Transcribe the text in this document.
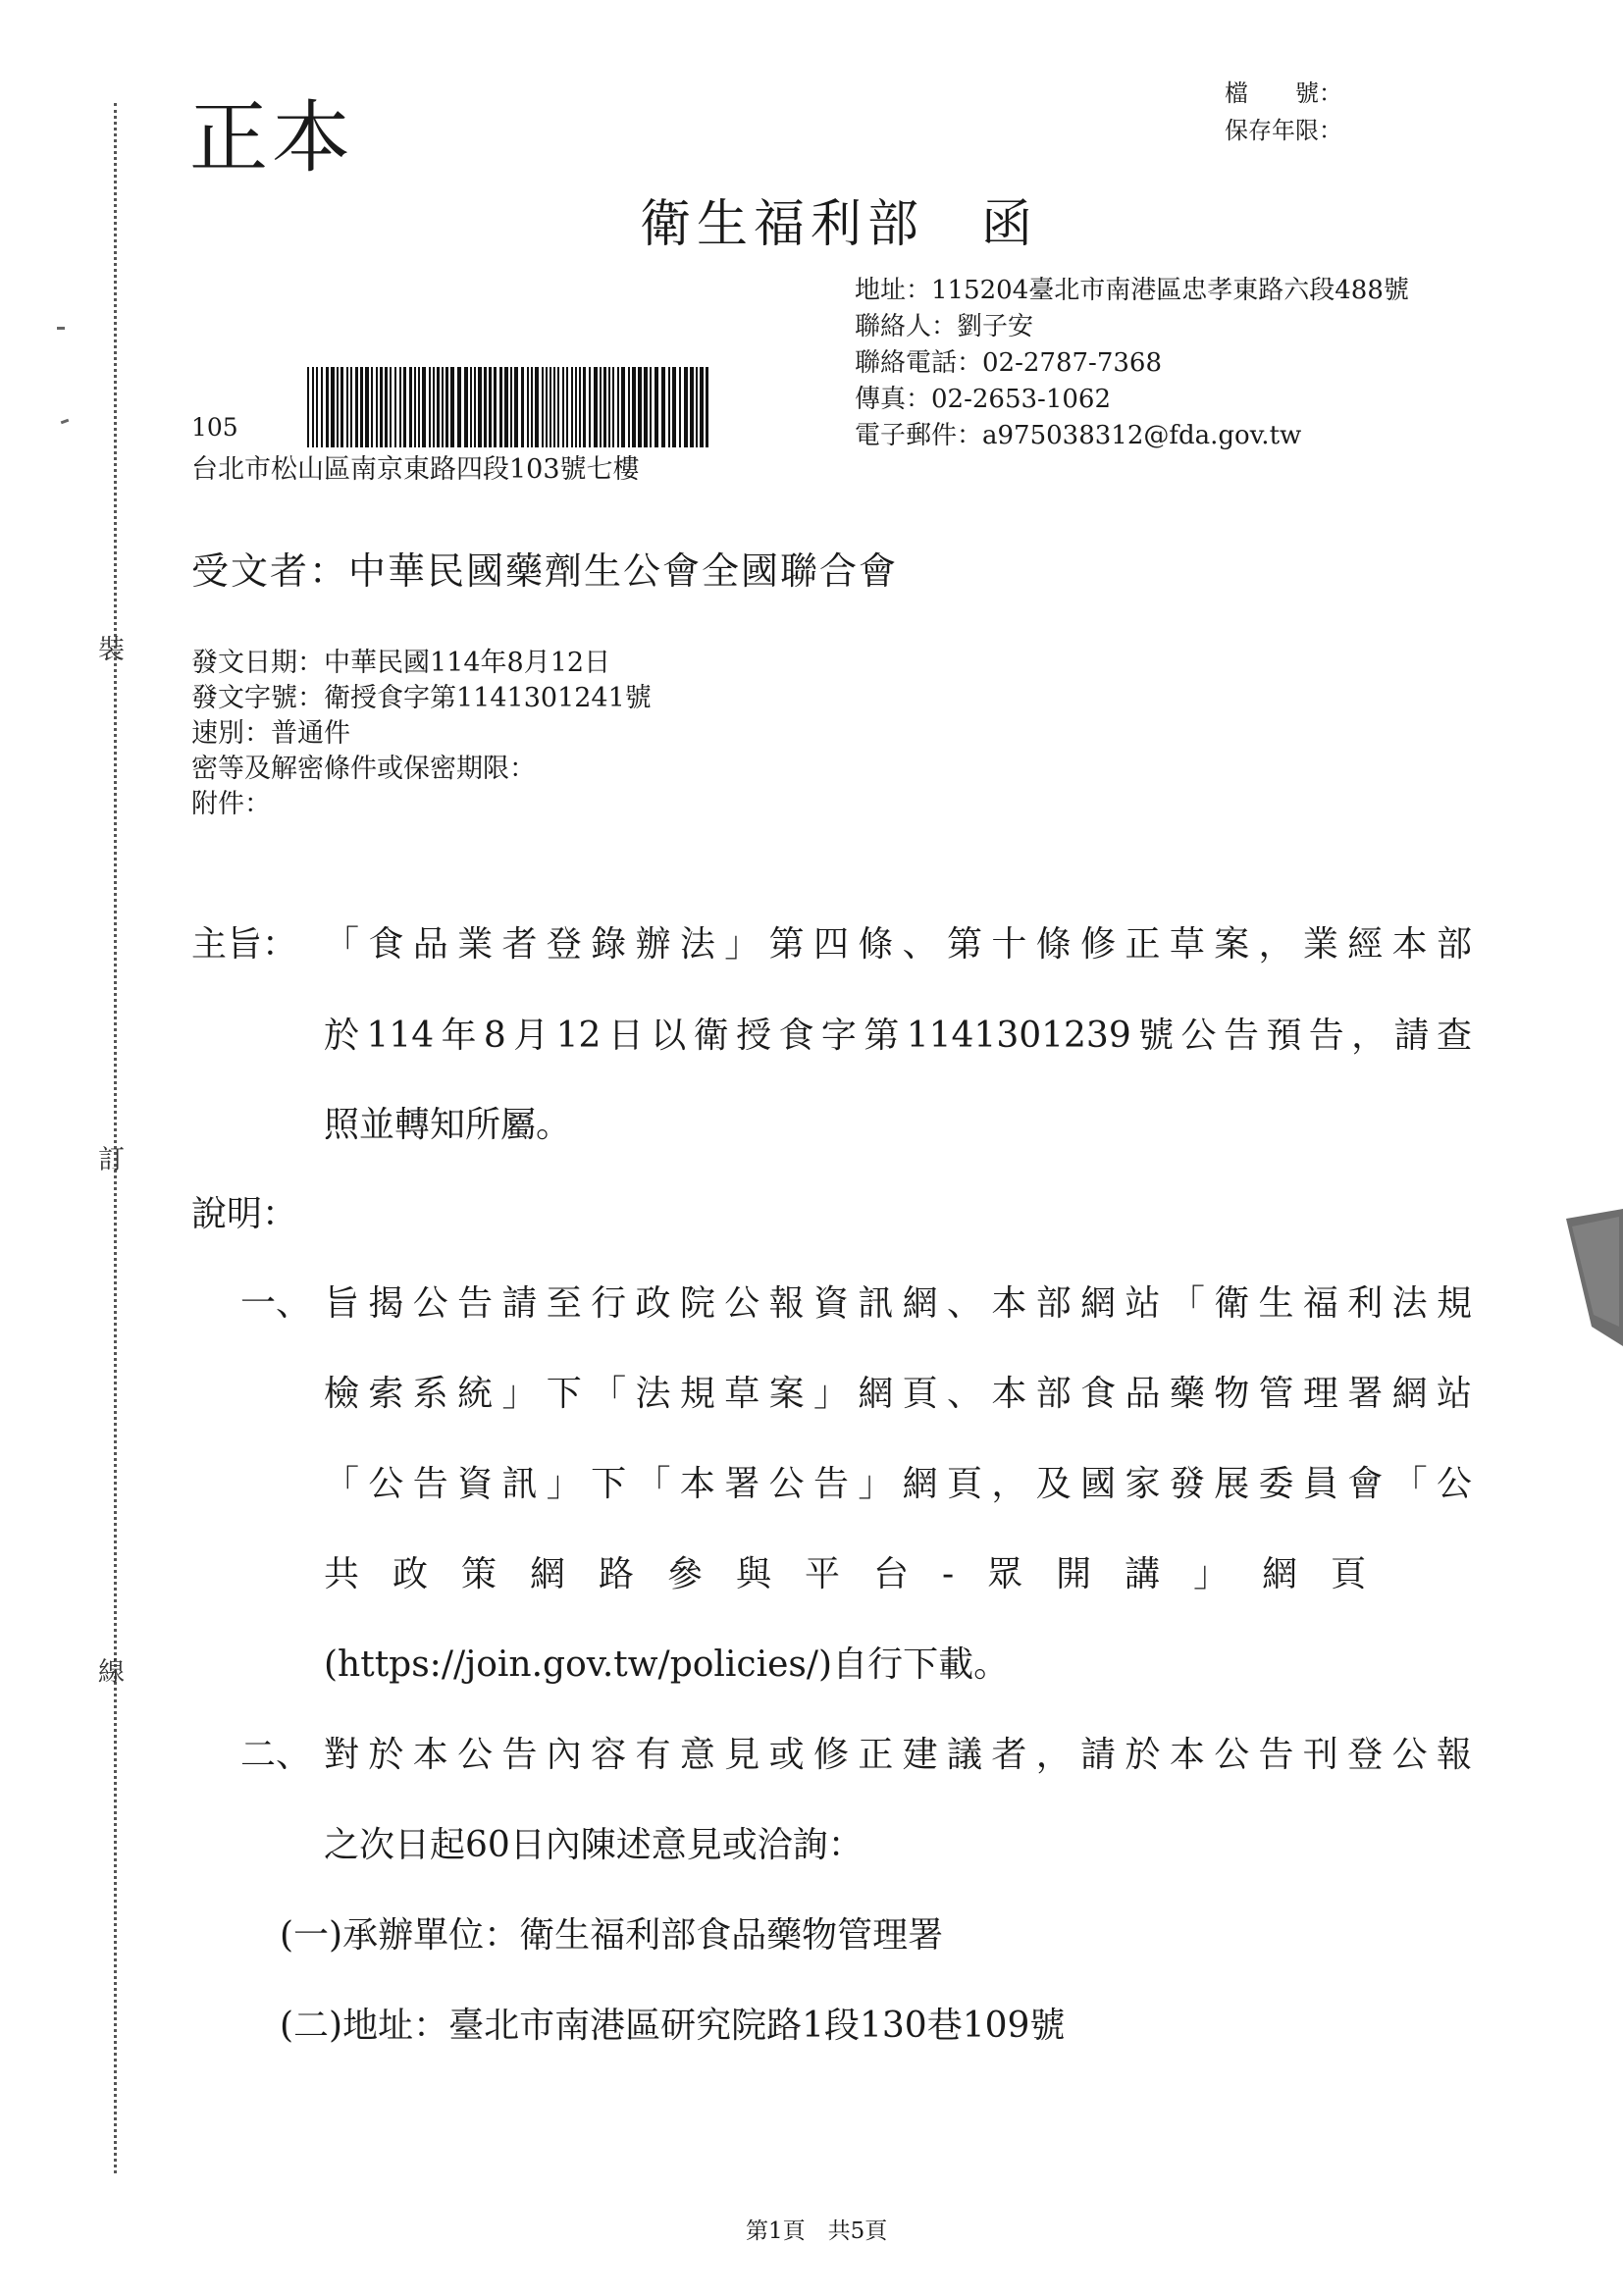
裝
訂
線
正本	檔　　號：
保存年限：
衛生福利部　函
地址：115204臺北市南港區忠孝東路六段488號
聯絡人：劉子安
聯絡電話：02-2787-7368
傳真：02-2653-1062
電子郵件：a975038312@fda.gov.tw
105
台北市松山區南京東路四段103號七樓
受文者：中華民國藥劑生公會全國聯合會
發文日期：中華民國114年8月12日
發文字號：衛授食字第1141301241號
速別：普通件
密等及解密條件或保密期限：
附件：
主旨： 「食品業者登錄辦法」第四條、第十條修正草案，業經本部
於114年8月12日以衛授食字第1141301239號公告預告，請查
照並轉知所屬。
說明：
一、 旨揭公告請至行政院公報資訊網、本部網站「衛生福利法規
檢索系統」下「法規草案」網頁、本部食品藥物管理署網站
「公告資訊」下「本署公告」網頁，及國家發展委員會「公
共政策網路參與平台-眾開講」網頁
(https://join.gov.tw/policies/)自行下載。
二、 對於本公告內容有意見或修正建議者，請於本公告刊登公報
之次日起60日內陳述意見或洽詢：
(一)承辦單位：衛生福利部食品藥物管理署
(二)地址：臺北市南港區研究院路1段130巷109號
第1頁　共5頁
